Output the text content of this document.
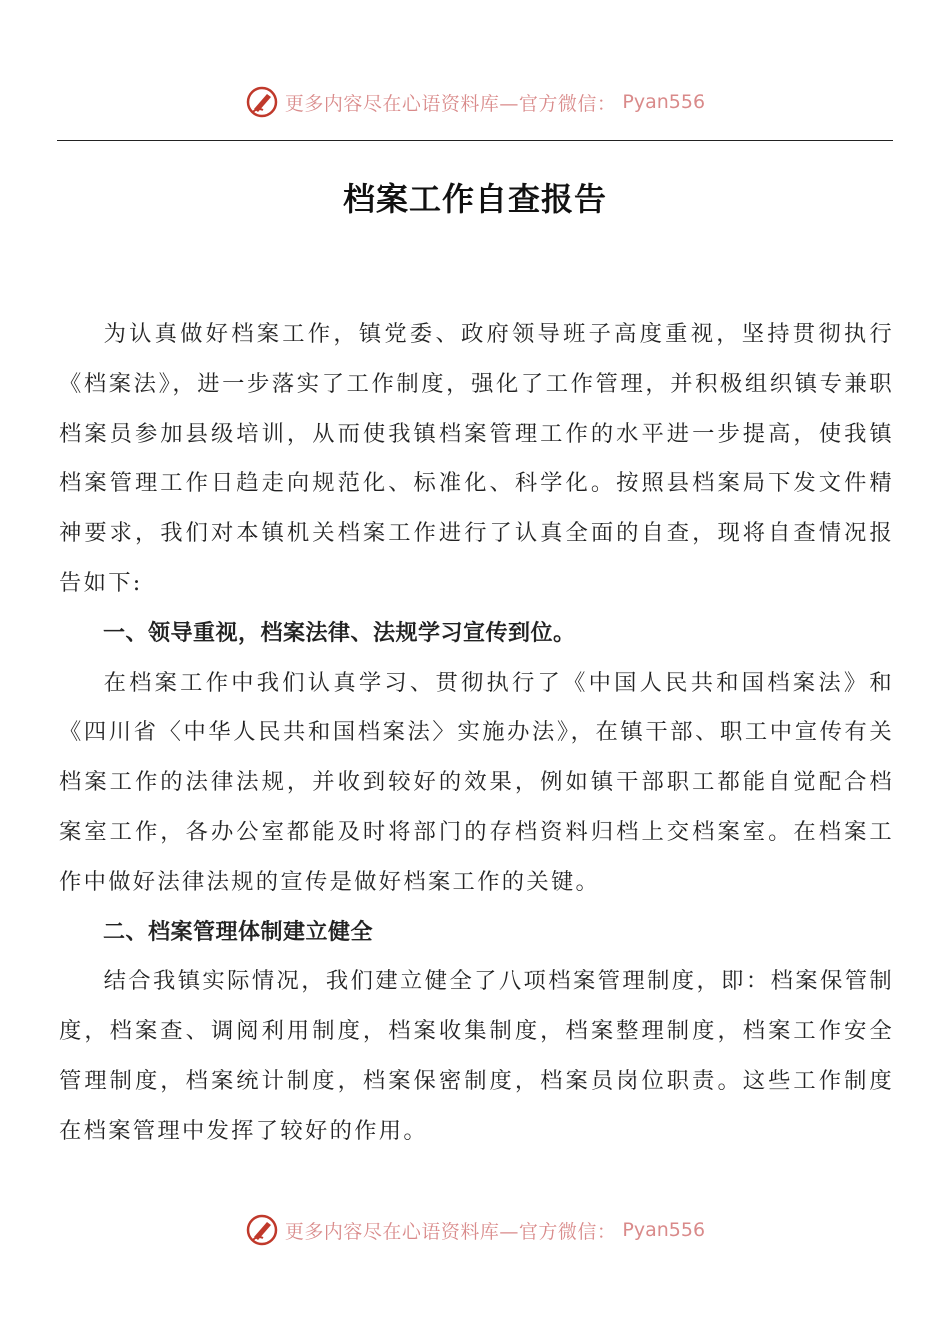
更多内容尽在心语资料库—官方微信： Pyan556
档案工作自查报告

为认真做好档案工作，镇党委、政府领导班子高度重视，坚持贯彻执行《档案法》，进一步落实了工作制度，强化了工作管理，并积极组织镇专兼职档案员参加县级培训，从而使我镇档案管理工作的水平进一步提高，使我镇档案管理工作日趋走向规范化、标准化、科学化。按照县档案局下发文件精神要求，我们对本镇机关档案工作进行了认真全面的自查，现将自查情况报告如下:

一、领导重视，档案法律、法规学习宣传到位。

在档案工作中我们认真学习、贯彻执行了《中国人民共和国档案法》和《四川省〈中华人民共和国档案法〉实施办法》，在镇干部、职工中宣传有关档案工作的法律法规，并收到较好的效果，例如镇干部职工都能自觉配合档案室工作，各办公室都能及时将部门的存档资料归档上交档案室。在档案工作中做好法律法规的宣传是做好档案工作的关键。

二、档案管理体制建立健全

结合我镇实际情况，我们建立健全了八项档案管理制度，即：档案保管制度，档案查、调阅利用制度，档案收集制度，档案整理制度，档案工作安全管理制度，档案统计制度，档案保密制度，档案员岗位职责。这些工作制度在档案管理中发挥了较好的作用。

更多内容尽在心语资料库—官方微信： Pyan556
